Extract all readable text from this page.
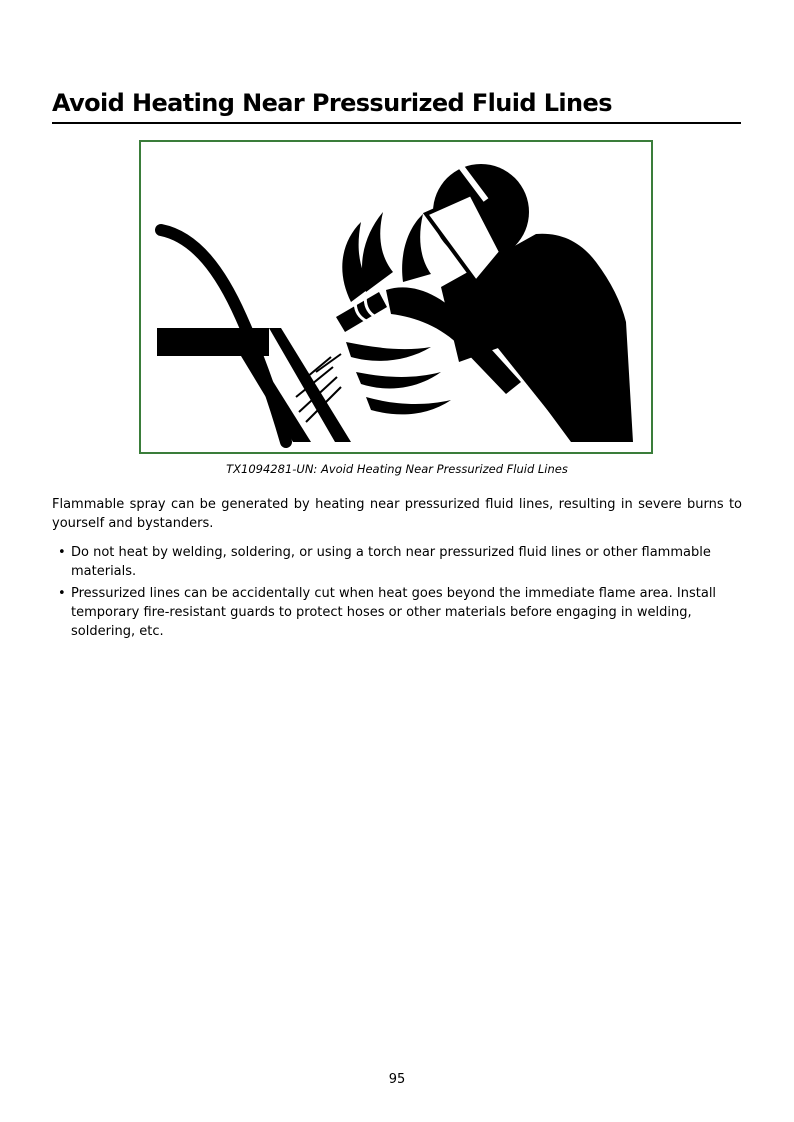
Avoid Heating Near Pressurized Fluid Lines
TX1094281-UN: Avoid Heating Near Pressurized Fluid Lines
Flammable spray can be generated by heating near pressurized fluid lines, resulting in severe burns to yourself and bystanders.
• Do not heat by welding, soldering, or using a torch near pressurized fluid lines or other flammable materials.
• Pressurized lines can be accidentally cut when heat goes beyond the immediate flame area. Install temporary fire-resistant guards to protect hoses or other materials before engaging in welding, soldering, etc.
95
